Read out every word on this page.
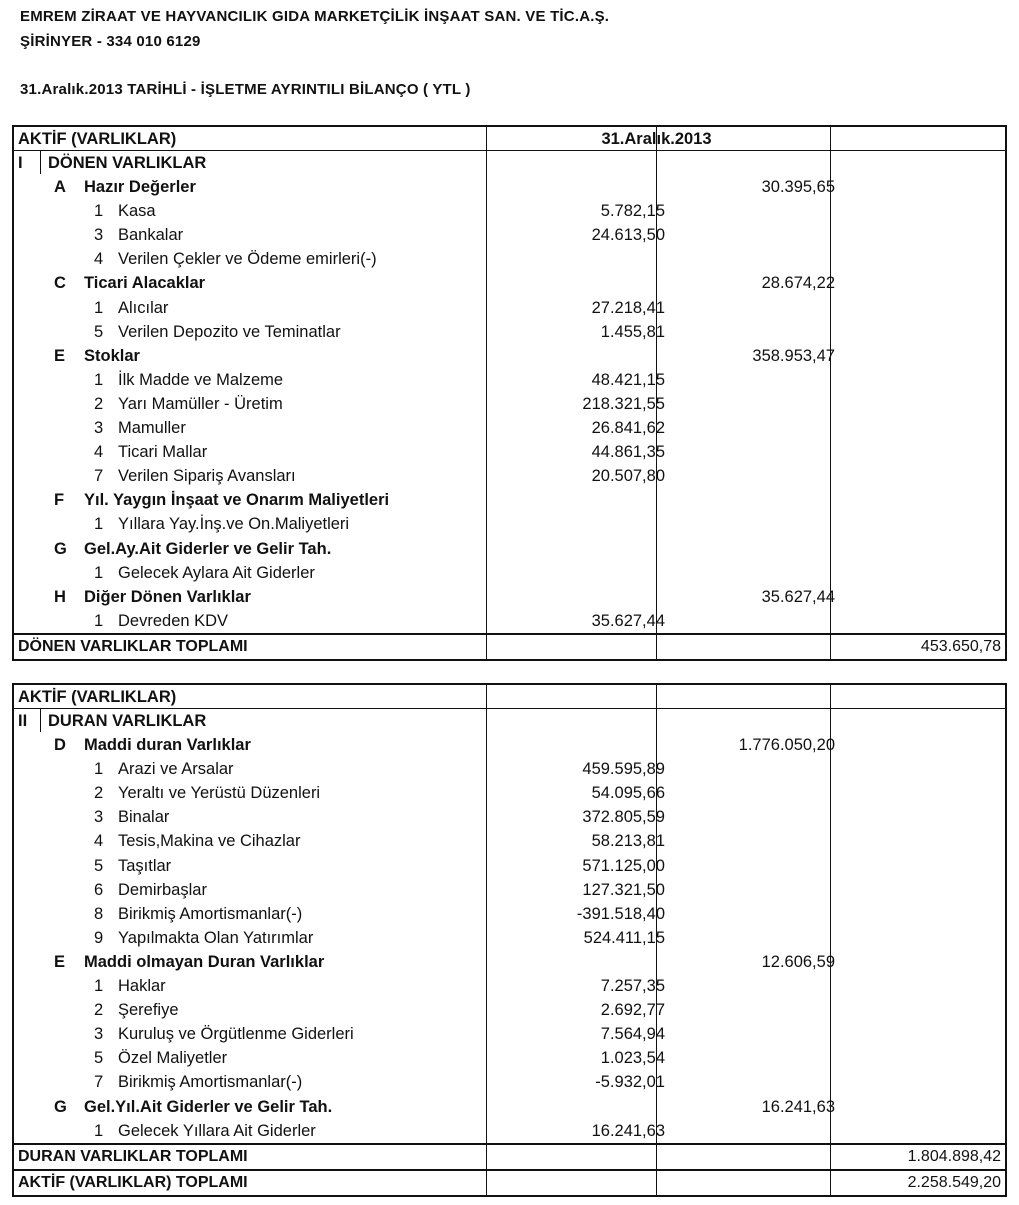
EMREM ZİRAAT VE HAYVANCILIK GIDA MARKETÇİLİK İNŞAAT SAN. VE TİC.A.Ş.
ŞİRİNYER - 334 010 6129
31.Aralık.2013 TARİHLİ - İŞLETME AYRINTILI BİLANÇO ( YTL )
AKTİF (VARLIKLAR)	31.Aralık.2013
I DÖNEN VARLIKLAR
A Hazır Değerler	30.395,65
1 Kasa	5.782,15
3 Bankalar	24.613,50
4 Verilen Çekler ve Ödeme emirleri(-)
C Ticari Alacaklar	28.674,22
1 Alıcılar	27.218,41
5 Verilen Depozito ve Teminatlar	1.455,81
E Stoklar	358.953,47
1 İlk Madde ve Malzeme	48.421,15
2 Yarı Mamüller - Üretim	218.321,55
3 Mamuller	26.841,62
4 Ticari Mallar	44.861,35
7 Verilen Sipariş Avansları	20.507,80
F Yıl. Yaygın İnşaat ve Onarım Maliyetleri
1 Yıllara Yay.İnş.ve On.Maliyetleri
G Gel.Ay.Ait Giderler ve Gelir Tah.
1 Gelecek Aylara Ait Giderler
H Diğer Dönen Varlıklar	35.627,44
1 Devreden KDV	35.627,44
DÖNEN VARLIKLAR TOPLAMI	453.650,78
AKTİF (VARLIKLAR)
II DURAN VARLIKLAR
D Maddi duran Varlıklar	1.776.050,20
1 Arazi ve Arsalar	459.595,89
2 Yeraltı ve Yerüstü Düzenleri	54.095,66
3 Binalar	372.805,59
4 Tesis,Makina ve Cihazlar	58.213,81
5 Taşıtlar	571.125,00
6 Demirbaşlar	127.321,50
8 Birikmiş Amortismanlar(-)	-391.518,40
9 Yapılmakta Olan Yatırımlar	524.411,15
E Maddi olmayan Duran Varlıklar	12.606,59
1 Haklar	7.257,35
2 Şerefiye	2.692,77
3 Kuruluş ve Örgütlenme Giderleri	7.564,94
5 Özel Maliyetler	1.023,54
7 Birikmiş Amortismanlar(-)	-5.932,01
G Gel.Yıl.Ait Giderler ve Gelir Tah.	16.241,63
1 Gelecek Yıllara Ait Giderler	16.241,63
DURAN VARLIKLAR TOPLAMI	1.804.898,42
AKTİF (VARLIKLAR) TOPLAMI	2.258.549,20
